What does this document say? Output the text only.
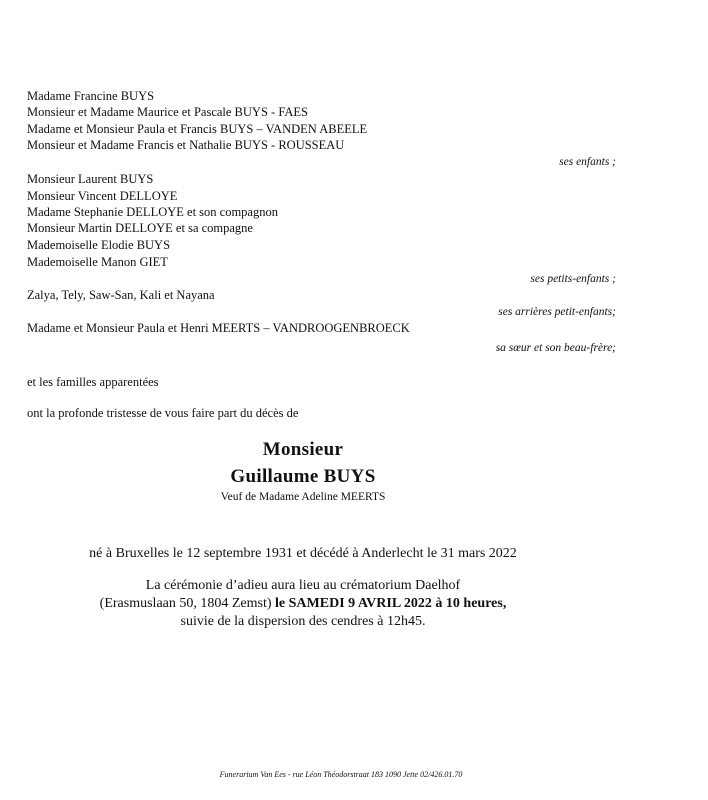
Madame Francine BUYS
Monsieur et Madame Maurice et Pascale BUYS - FAES
Madame et Monsieur Paula et Francis BUYS – VANDEN ABEELE
Monsieur et Madame Francis et Nathalie BUYS - ROUSSEAU
ses enfants ;
Monsieur Laurent BUYS
Monsieur Vincent DELLOYE
Madame Stephanie DELLOYE et son compagnon
Monsieur Martin DELLOYE et sa compagne
Mademoiselle Elodie BUYS
Mademoiselle Manon GIET
ses petits-enfants ;
Zalya, Tely, Saw-San, Kali et Nayana
ses arrières petit-enfants;
Madame et Monsieur Paula et Henri MEERTS – VANDROOGENBROECK
sa sœur et son beau-frère;
et les familles apparentées
ont la profonde tristesse de vous faire part du décès de
Monsieur
Guillaume BUYS
Veuf de Madame Adeline MEERTS
né à Bruxelles le 12 septembre 1931 et décédé à Anderlecht le 31 mars 2022
La cérémonie d’adieu aura lieu au crématorium Daelhof
(Erasmuslaan 50, 1804 Zemst) le SAMEDI 9 AVRIL 2022 à 10 heures,
suivie de la dispersion des cendres à 12h45.
Funerarium Van Ees - rue Léon Théodorstraat 183 1090 Jette 02/426.01.70
